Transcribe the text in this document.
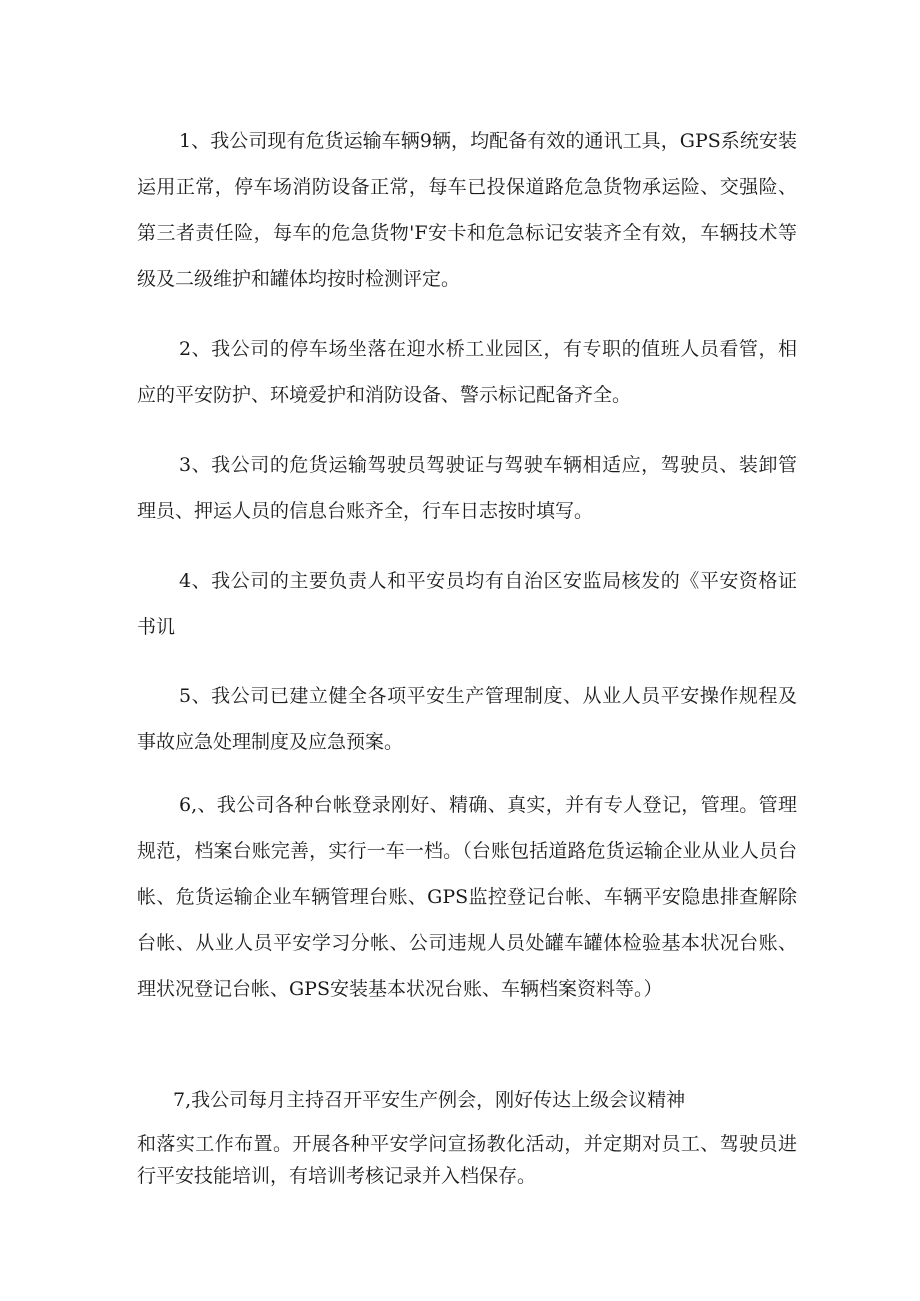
1、我公司现有危货运输车辆9辆，均配备有效的通讯工具，GPS系统安装运用正常，停车场消防设备正常，每车已投保道路危急货物承运险、交强险、第三者责任险，每车的危急货物'F安卡和危急标记安装齐全有效，车辆技术等级及二级维护和罐体均按时检测评定。

2、我公司的停车场坐落在迎水桥工业园区，有专职的值班人员看管，相应的平安防护、环境爱护和消防设备、警示标记配备齐全。

3、我公司的危货运输驾驶员驾驶证与驾驶车辆相适应，驾驶员、装卸管理员、押运人员的信息台账齐全，行车日志按时填写。

4、我公司的主要负责人和平安员均有自治区安监局核发的《平安资格证书讥

5、我公司已建立健全各项平安生产管理制度、从业人员平安操作规程及事故应急处理制度及应急预案。

6,、我公司各种台帐登录刚好、精确、真实，并有专人登记，管理。管理规范，档案台账完善，实行一车一档。（台账包括道路危货运输企业从业人员台帐、危货运输企业车辆管理台账、GPS监控登记台帐、车辆平安隐患排查解除台帐、从业人员平安学习分帐、公司违规人员处罐车罐体检验基本状况台账、理状况登记台帐、GPS安装基本状况台账、车辆档案资料等。）

7,我公司每月主持召开平安生产例会，刚好传达上级会议精神
和落实工作布置。开展各种平安学问宣扬教化活动，并定期对员工、驾驶员进行平安技能培训，有培训考核记录并入档保存。
